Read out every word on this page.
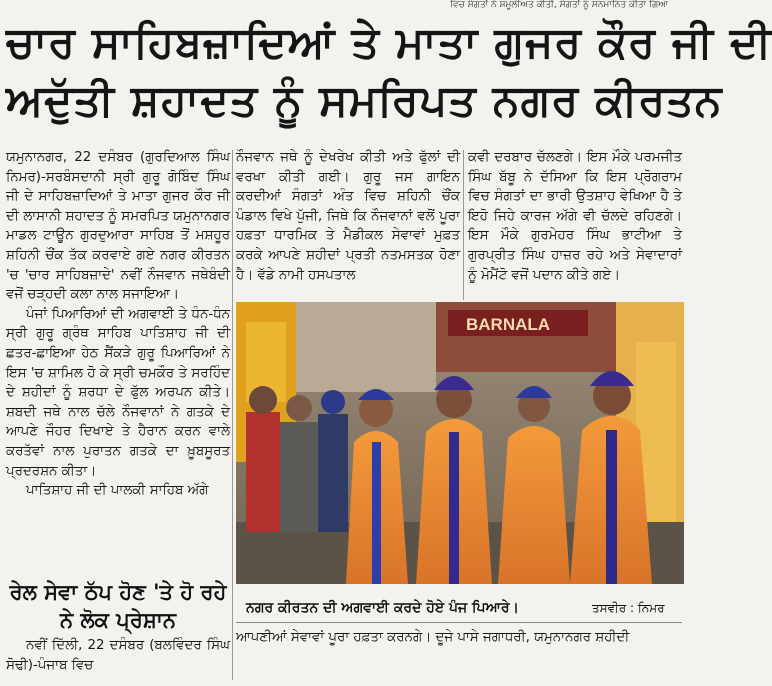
ਵਿਚ ਸੰਗਤਾਂ ਨੇ ਸ਼ਮੂਲੀਅਤ ਕੀਤੀ, ਸੰਗਤਾਂ ਨੂੰ ਸਨਮਾਨਿਤ ਕੀਤਾ ਗਿਆ
ਚਾਰ ਸਾਹਿਬਜ਼ਾਦਿਆਂ ਤੇ ਮਾਤਾ ਗੁਜਰ ਕੌਰ ਜੀ ਦੀ
ਅਦੁੱਤੀ ਸ਼ਹਾਦਤ ਨੂੰ ਸਮਰਿਪਤ ਨਗਰ ਕੀਰਤਨ

ਯਮੁਨਾਨਗਰ, 22 ਦਸੰਬਰ (ਗੁਰਦਿਆਲ ਸਿੰਘ ਨਿਮਰ)-ਸਰਬੰਸਦਾਨੀ ਸ੍ਰੀ ਗੁਰੂ ਗੋਬਿੰਦ ਸਿੰਘ ਜੀ ਦੇ ਸਾਹਿਬਜ਼ਾਦਿਆਂ ਤੇ ਮਾਤਾ ਗੁਜਰ ਕੌਰ ਜੀ ਦੀ ਲਾਸਾਨੀ ਸ਼ਹਾਦਤ ਨੂੰ ਸਮਰਪਿਤ ਯਮੁਨਾਨਗਰ ਮਾਡਲ ਟਾਊਨ ਗੁਰਦੁਆਰਾ ਸਾਹਿਬ ਤੋਂ ਮਸ਼ਹੂਰ ਸ਼ਹਿਨੀ ਚੌਂਕ ਤੱਕ ਕਰਵਾਏ ਗਏ ਨਗਰ ਕੀਰਤਨ 'ਚ 'ਚਾਰ ਸਾਹਿਬਜ਼ਾਦੇ' ਨਵੀਂ ਨੌਜਵਾਨ ਜਥੇਬੰਦੀ ਵਜੋਂ ਚੜ੍ਹਦੀ ਕਲਾ ਨਾਲ ਸਜਾਇਆ।

ਪੰਜਾਂ ਪਿਆਰਿਆਂ ਦੀ ਅਗਵਾਈ ਤੇ ਧੰਨ-ਧੰਨ ਸ੍ਰੀ ਗੁਰੂ ਗ੍ਰੰਥ ਸਾਹਿਬ ਪਾਤਿਸ਼ਾਹ ਜੀ ਦੀ ਛਤਰ-ਛਾਇਆ ਹੇਠ ਸੈਂਕੜੇ ਗੁਰੂ ਪਿਆਰਿਆਂ ਨੇ ਇਸ 'ਚ ਸ਼ਾਮਿਲ ਹੋ ਕੇ ਸ੍ਰੀ ਚਮਕੌਰ ਤੇ ਸਰਹਿੰਦ ਦੇ ਸ਼ਹੀਦਾਂ ਨੂੰ ਸ਼ਰਧਾ ਦੇ ਫੁੱਲ ਅਰਪਨ ਕੀਤੇ। ਸ਼ਬਦੀ ਜਥੇ ਨਾਲ ਚੱਲੇ ਨੌਜਵਾਨਾਂ ਨੇ ਗਤਕੇ ਦੇ ਆਪਣੇ ਜੌਹਰ ਦਿਖਾਏ ਤੇ ਹੈਰਾਨ ਕਰਨ ਵਾਲੇ ਕਰਤੱਵਾਂ ਨਾਲ ਪੁਰਾਤਨ ਗਤਕੇ ਦਾ ਖ਼ੂਬਸੂਰਤ ਪ੍ਰਦਰਸ਼ਨ ਕੀਤਾ।

ਪਾਤਿਸ਼ਾਹ ਜੀ ਦੀ ਪਾਲਕੀ ਸਾਹਿਬ ਅੱਗੇ

ਨੌਜਵਾਨ ਜਥੇ ਨੂੰ ਦੇਖਰੇਖ ਕੀਤੀ ਅਤੇ ਫੁੱਲਾਂ ਦੀ ਵਰਖਾ ਕੀਤੀ ਗਈ। ਗੁਰੂ ਜਸ ਗਾਇਨ ਕਰਦੀਆਂ ਸੰਗਤਾਂ ਅੰਤ ਵਿਚ ਸ਼ਹਿਨੀ ਚੌਂਕ ਪੰਡਾਲ ਵਿਖੇ ਪੁੱਜੀ, ਜਿਥੇ ਕਿ ਨੌਜਵਾਨਾਂ ਵਲੋਂ ਪੂਰਾ ਹਫ਼ਤਾ ਧਾਰਮਿਕ ਤੇ ਮੈਡੀਕਲ ਸੇਵਾਵਾਂ ਮੁਫ਼ਤ ਕਰਕੇ ਆਪਣੇ ਸ਼ਹੀਦਾਂ ਪ੍ਰਤੀ ਨਤਮਸਤਕ ਹੋਣਾ ਹੈ। ਵੱਡੇ ਨਾਮੀ ਹਸਪਤਾਲ

ਕਵੀ ਦਰਬਾਰ ਚੱਲਣਗੇ। ਇਸ ਮੌਕੇ ਪਰਮਜੀਤ ਸਿੰਘ ਬੱਬੂ ਨੇ ਦੱਸਿਆ ਕਿ ਇਸ ਪ੍ਰੋਗਰਾਮ ਵਿਚ ਸੰਗਤਾਂ ਦਾ ਭਾਰੀ ਉਤਸ਼ਾਹ ਵੇਖਿਆ ਹੈ ਤੇ ਇਹੋ ਜਿਹੇ ਕਾਰਜ ਅੱਗੇ ਵੀ ਚੱਲਦੇ ਰਹਿਣਗੇ। ਇਸ ਮੌਕੇ ਗੁਰਮੇਹਰ ਸਿੰਘ ਭਾਟੀਆ ਤੇ ਗੁਰਪ੍ਰੀਤ ਸਿੰਘ ਹਾਜ਼ਰ ਰਹੇ ਅਤੇ ਸੇਵਾਦਾਰਾਂ ਨੂੰ ਮੋਮੈਂਟੋ ਵਜੋਂ ਪਦਾਨ ਕੀਤੇ ਗਏ।

BARNALA
ਨਗਰ ਕੀਰਤਨ ਦੀ ਅਗਵਾਈ ਕਰਦੇ ਹੋਏ ਪੰਜ ਪਿਆਰੇ।	ਤਸਵੀਰ : ਨਿਮਰ
ਰੇਲ ਸੇਵਾ ਠੱਪ ਹੋਣ 'ਤੇ ਹੋ ਰਹੇ ਨੇ ਲੋਕ ਪ੍ਰੇਸ਼ਾਨ

ਨਵੀਂ ਦਿੱਲੀ, 22 ਦਸੰਬਰ (ਬਲਵਿੰਦਰ ਸਿੰਘ ਸੋਢੀ)-ਪੰਜਾਬ ਵਿਚ

ਆਪਣੀਆਂ ਸੇਵਾਵਾਂ ਪੂਰਾ ਹਫ਼ਤਾ ਕਰਨਗੇ। ਦੂਜੇ ਪਾਸੇ ਜਗਾਧਰੀ, ਯਮੁਨਾਨਗਰ ਸ਼ਹੀਦੀ
